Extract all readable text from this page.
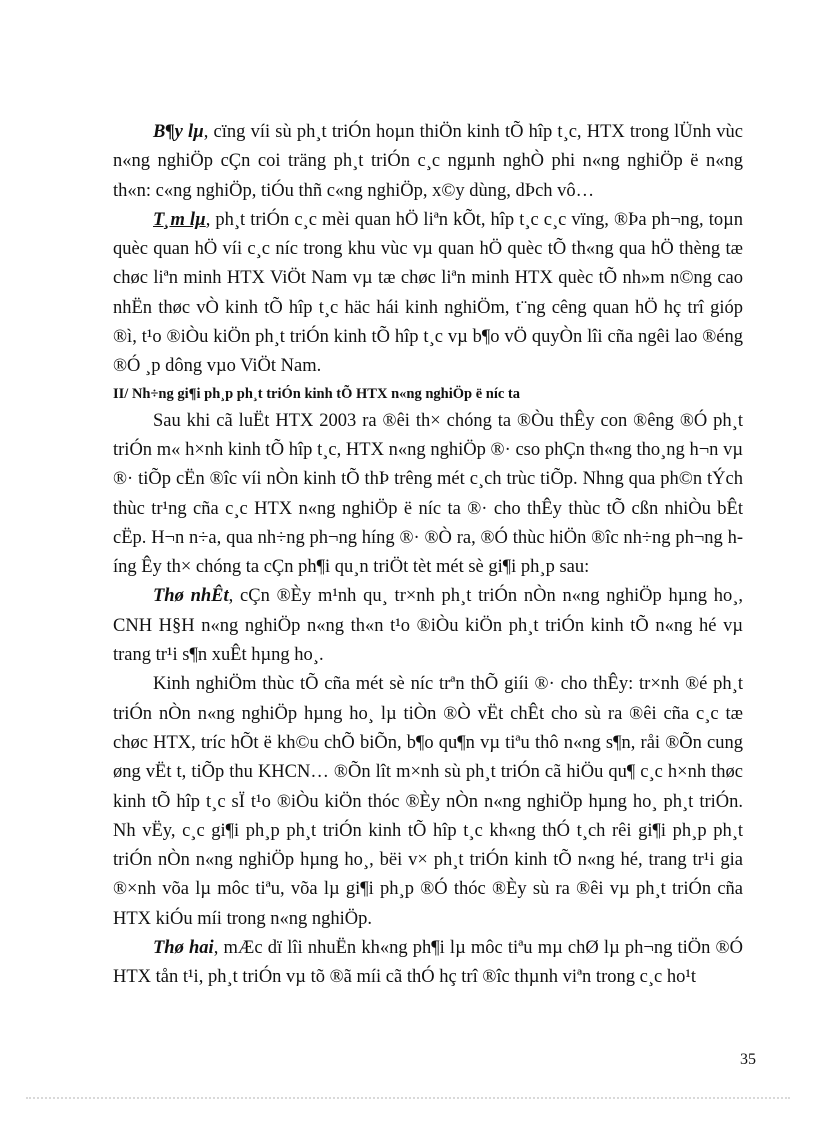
B¶y lµ, cïng víi sù ph¸t triÓn hoµn thiÖn kinh tÕ hîp t¸c, HTX trong lÜnh vùc n«ng nghiÖp cÇn coi träng ph¸t triÓn c¸c ngµnh nghÒ phi n«ng nghiÖp ë n«ng th«n: c«ng nghiÖp, tiÓu thñ c«ng nghiÖp, x©y dùng, dÞch vô…

T¸m lµ, ph¸t triÓn c¸c mèi quan hÖ liªn kÕt, hîp t¸c c¸c vïng, ®Þa ph¬ng, toµn quèc quan hÖ víi c¸c níc trong khu vùc vµ quan hÖ quèc tÕ th«ng qua hÖ thèng tæ chøc liªn minh HTX ViÖt Nam vµ tæ chøc liªn minh HTX quèc tÕ nh»m n©ng cao nhËn thøc vÒ kinh tÕ hîp t¸c häc hái kinh nghiÖm, t¨ng cêng quan hÖ hç trî gióp ®ì, t¹o ®iÒu kiÖn ph¸t triÓn kinh tÕ hîp t¸c vµ b¶o vÖ quyÒn lîi cña ngêi lao ®éng ®Ó ¸p dông vµo ViÖt Nam.

II/ Nh÷ng gi¶i ph¸p ph¸t triÓn kinh tÕ HTX n«ng nghiÖp ë níc ta

Sau khi cã luËt HTX 2003 ra ®êi th× chóng ta ®Òu thÊy con ®êng ®Ó ph¸t triÓn m« h×nh kinh tÕ hîp t¸c, HTX n«ng nghiÖp ®· cso phÇn th«ng tho¸ng h¬n vµ ®· tiÕp cËn ®îc víi nÒn kinh tÕ thÞ trêng mét c¸ch trùc tiÕp. Nhng qua ph©n tÝch thùc tr¹ng cña c¸c HTX n«ng nghiÖp ë níc ta ®· cho thÊy thùc tÕ cßn nhiÒu bÊt cËp. H¬n n÷a, qua nh÷ng ph¬ng híng ®· ®Ò ra, ®Ó thùc hiÖn ®îc nh÷ng ph¬ng híng Êy th× chóng ta cÇn ph¶i qu¸n triÖt tèt mét sè gi¶i ph¸p sau:

Thø nhÊt, cÇn ®Èy m¹nh qu¸ tr×nh ph¸t triÓn nÒn n«ng nghiÖp hµng ho¸, CNH H§H n«ng nghiÖp n«ng th«n t¹o ®iÒu kiÖn ph¸t triÓn kinh tÕ n«ng hé vµ trang tr¹i s¶n xuÊt hµng ho¸.

Kinh nghiÖm thùc tÕ cña mét sè níc trªn thÕ giíi ®· cho thÊy: tr×nh ®é ph¸t triÓn nÒn n«ng nghiÖp hµng ho¸ lµ tiÒn ®Ò vËt chÊt cho sù ra ®êi cña c¸c tæ chøc HTX, tríc hÕt ë kh©u chÕ biÕn, b¶o qu¶n vµ tiªu thô n«ng s¶n, råi ®Õn cung øng vËt t, tiÕp thu KHCN… ®Õn lît m×nh sù ph¸t triÓn cã hiÖu qu¶ c¸c h×nh thøc kinh tÕ hîp t¸c sÏ t¹o ®iÒu kiÖn thóc ®Èy nÒn n«ng nghiÖp hµng ho¸ ph¸t triÓn. Nh vËy, c¸c gi¶i ph¸p ph¸t triÓn kinh tÕ hîp t¸c kh«ng thÓ t¸ch rêi gi¶i ph¸p ph¸t triÓn nÒn n«ng nghiÖp hµng ho¸, bëi v× ph¸t triÓn kinh tÕ n«ng hé, trang tr¹i gia ®×nh võa lµ môc tiªu, võa lµ gi¶i ph¸p ®Ó thóc ®Èy sù ra ®êi vµ ph¸t triÓn cña HTX kiÓu míi trong n«ng nghiÖp.

Thø hai, mÆc dï lîi nhuËn kh«ng ph¶i lµ môc tiªu mµ chØ lµ ph¬ng tiÖn ®Ó HTX tån t¹i, ph¸t triÓn vµ tõ ®ã míi cã thÓ hç trî ®îc thµnh viªn trong c¸c ho¹t

35
